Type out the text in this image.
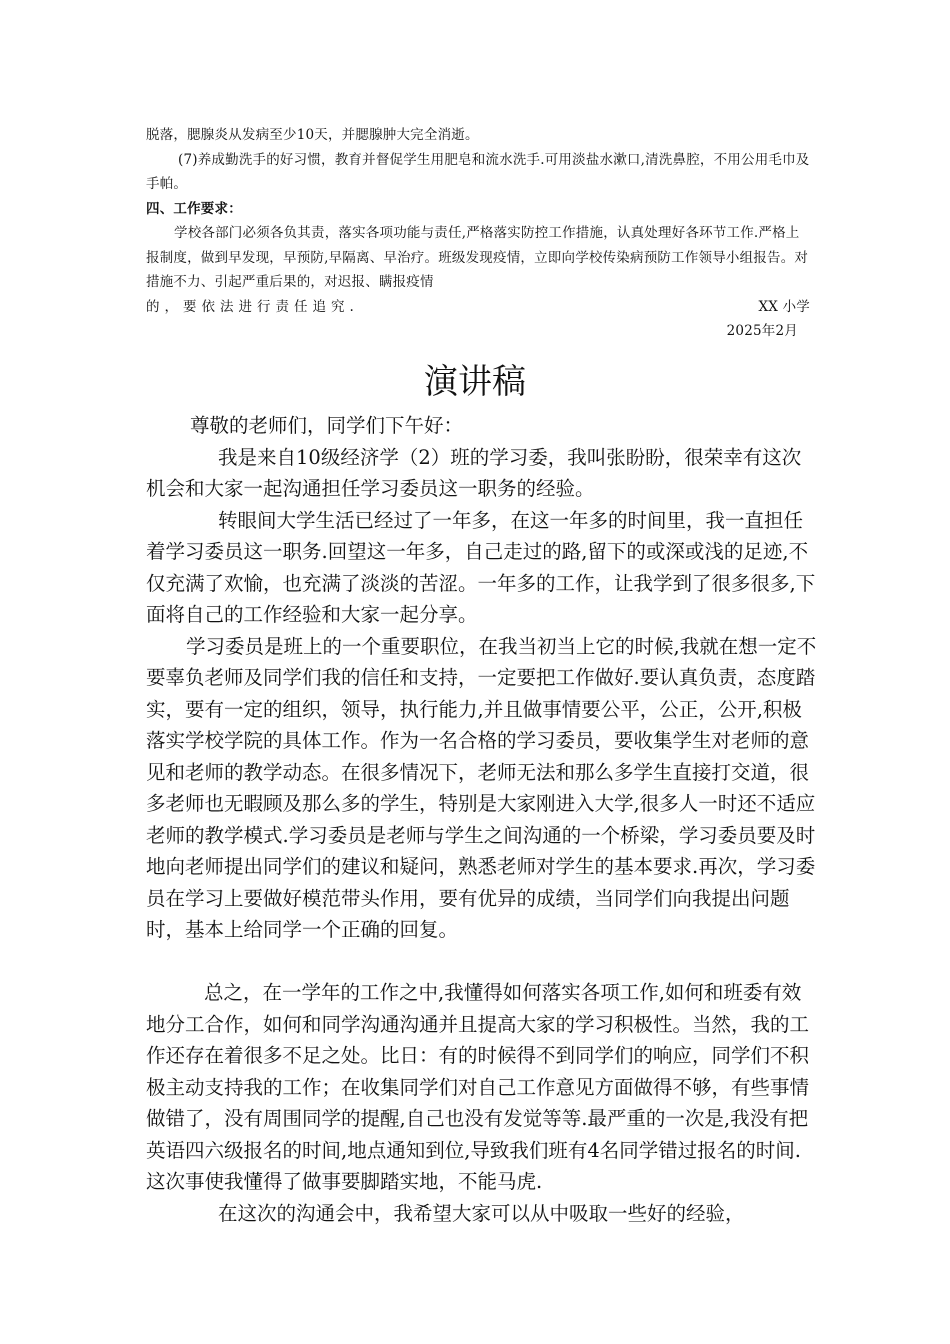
脱落，腮腺炎从发病至少10天，并腮腺肿大完全消逝。

(7)养成勤洗手的好习惯，教育并督促学生用肥皂和流水洗手.可用淡盐水漱口,清洗鼻腔，不用公用毛巾及手帕。

四、工作要求：

学校各部门必须各负其责，落实各项功能与责任,严格落实防控工作措施，认真处理好各环节工作.严格上报制度，做到早发现，早预防,早隔离、早治疗。班级发现疫情，立即向学校传染病预防工作领导小组报告。对措施不力、引起严重后果的，对迟报、瞒报疫情

的，要依法进行责任追究.	XX 小学

2025年2月

演讲稿

尊敬的老师们，同学们下午好：

我是来自10级经济学（2）班的学习委，我叫张盼盼，很荣幸有这次机会和大家一起沟通担任学习委员这一职务的经验。

转眼间大学生活已经过了一年多，在这一年多的时间里，我一直担任着学习委员这一职务.回望这一年多，自己走过的路,留下的或深或浅的足迹,不仅充满了欢愉，也充满了淡淡的苦涩。一年多的工作，让我学到了很多很多,下面将自己的工作经验和大家一起分享。

学习委员是班上的一个重要职位，在我当初当上它的时候,我就在想一定不要辜负老师及同学们我的信任和支持，一定要把工作做好.要认真负责，态度踏实，要有一定的组织，领导，执行能力,并且做事情要公平，公正，公开,积极落实学校学院的具体工作。作为一名合格的学习委员，要收集学生对老师的意见和老师的教学动态。在很多情况下，老师无法和那么多学生直接打交道，很多老师也无暇顾及那么多的学生，特别是大家刚进入大学,很多人一时还不适应老师的教学模式.学习委员是老师与学生之间沟通的一个桥梁，学习委员要及时地向老师提出同学们的建议和疑问，熟悉老师对学生的基本要求.再次，学习委员在学习上要做好模范带头作用，要有优异的成绩，当同学们向我提出问题时，基本上给同学一个正确的回复。

总之，在一学年的工作之中,我懂得如何落实各项工作,如何和班委有效地分工合作，如何和同学沟通沟通并且提高大家的学习积极性。当然，我的工作还存在着很多不足之处。比日：有的时候得不到同学们的响应，同学们不积极主动支持我的工作；在收集同学们对自己工作意见方面做得不够，有些事情做错了，没有周围同学的提醒,自己也没有发觉等等.最严重的一次是,我没有把英语四六级报名的时间,地点通知到位,导致我们班有4名同学错过报名的时间.这次事使我懂得了做事要脚踏实地，不能马虎.

在这次的沟通会中，我希望大家可以从中吸取一些好的经验，
